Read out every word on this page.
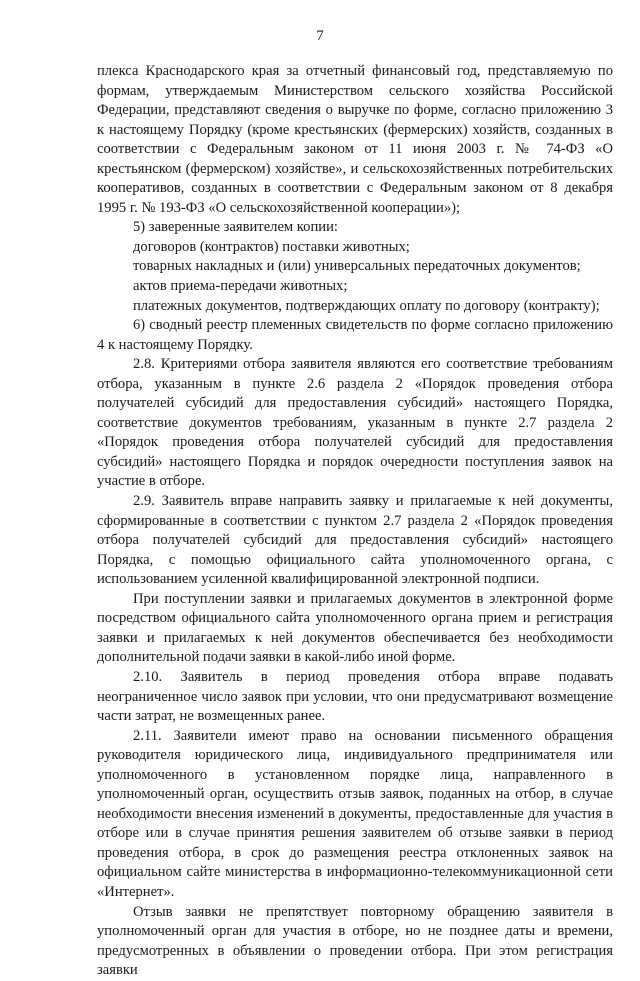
7

плекса Краснодарского края за отчетный финансовый год, представляемую по формам, утверждаемым Министерством сельского хозяйства Российской Федерации, представляют сведения о выручке по форме, согласно приложению 3 к настоящему Порядку (кроме крестьянских (фермерских) хозяйств, созданных в соответствии с Федеральным законом от 11 июня 2003 г. № 74-ФЗ «О крестьянском (фермерском) хозяйстве», и сельскохозяйственных потребительских кооперативов, созданных в соответствии с Федеральным законом от 8 декабря 1995 г. № 193-ФЗ «О сельскохозяйственной кооперации»);

5) заверенные заявителем копии:

договоров (контрактов) поставки животных;

товарных накладных и (или) универсальных передаточных документов;

актов приема-передачи животных;

платежных документов, подтверждающих оплату по договору (контракту);

6) сводный реестр племенных свидетельств по форме согласно приложению 4 к настоящему Порядку.

2.8. Критериями отбора заявителя являются его соответствие требованиям отбора, указанным в пункте 2.6 раздела 2 «Порядок проведения отбора получателей субсидий для предоставления субсидий» настоящего Порядка, соответствие документов требованиям, указанным в пункте 2.7 раздела 2 «Порядок проведения отбора получателей субсидий для предоставления субсидий» настоящего Порядка и порядок очередности поступления заявок на участие в отборе.

2.9. Заявитель вправе направить заявку и прилагаемые к ней документы, сформированные в соответствии с пунктом 2.7 раздела 2 «Порядок проведения отбора получателей субсидий для предоставления субсидий» настоящего Порядка, с помощью официального сайта уполномоченного органа, с использованием усиленной квалифицированной электронной подписи.

При поступлении заявки и прилагаемых документов в электронной форме посредством официального сайта уполномоченного органа прием и регистрация заявки и прилагаемых к ней документов обеспечивается без необходимости дополнительной подачи заявки в какой-либо иной форме.

2.10. Заявитель в период проведения отбора вправе подавать неограниченное число заявок при условии, что они предусматривают возмещение части затрат, не возмещенных ранее.

2.11. Заявители имеют право на основании письменного обращения руководителя юридического лица, индивидуального предпринимателя или уполномоченного в установленном порядке лица, направленного в уполномоченный орган, осуществить отзыв заявок, поданных на отбор, в случае необходимости внесения изменений в документы, предоставленные для участия в отборе или в случае принятия решения заявителем об отзыве заявки в период проведения отбора, в срок до размещения реестра отклоненных заявок на официальном сайте министерства в информационно-телекоммуникационной сети «Интернет».

Отзыв заявки не препятствует повторному обращению заявителя в уполномоченный орган для участия в отборе, но не позднее даты и времени, предусмотренных в объявлении о проведении отбора. При этом регистрация заявки
